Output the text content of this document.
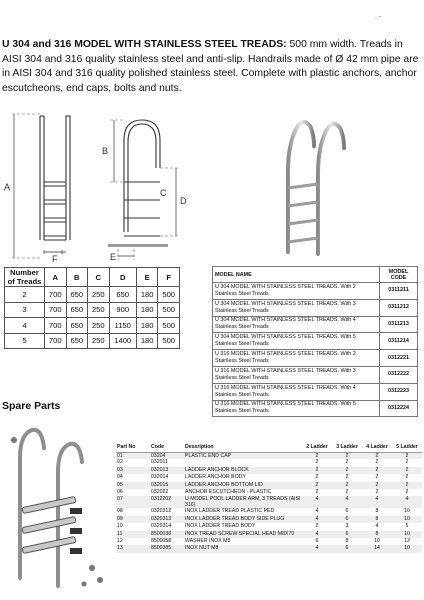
. -

U 304 and 316 MODEL WITH STAINLESS STEEL TREADS: 500 mm width. Treads in AISI 304 and 316 quality stainless steel and anti-slip. Handrails made of Ø 42 mm pipe are in AISI 304 and 316 quality polished stainless steel. Complete with plastic anchors, anchor escutcheons, end caps, bolts and nuts.

A
B
C
D
E
F
Number of Treads	A	B	C	D	E	F
2	700	650	250	650	180	500
3	700	650	250	900	180	500
4	700	650	250	1150	180	500
5	700	650	250	1400	180	500
MODEL NAME	MODEL CODE
U 304 MODEL WITH STAINLESS STEEL TREADS. With 2 Stainless Steel Treads	0311211
U 304 MODEL WITH STAINLESS STEEL TREADS. With 3 Stainless Steel Treads	0311212
U 304 MODEL WITH STAINLESS STEEL TREADS. With 4 Stainless Steel Treads	0311213
U 304 MODEL WITH STAINLESS STEEL TREADS. With 5 Stainless Steel Treads	0311214
U 316 MODEL WITH STAINLESS STEEL TREADS. With 2 Stainless Steel Treads	0312221
U 316 MODEL WITH STAINLESS STEEL TREADS. With 3 Stainless Steel Treads	0312222
U 316 MODEL WITH STAINLESS STEEL TREADS. With 4 Stainless Steel Treads	0312223
U 316 MODEL WITH STAINLESS STEEL TREADS. With 5 Stainless Steel Treads	0312224
Spare Parts
Part No	Code	Description	2 Ladder	3 Ladder	4 Ladder	5 Ladder
01	03204	PLASTIC END CAP	2	2	2	2
02	032011		2	2	2	2
03	032013	LADDER ANCHOR BLOCK	2	2	2	2
04	032014	LADDER ANCHOR BODY	2	2	2	2
05	032015	LADDER ANCHOR BOTTOM LID	2	2	2	2
06	032022	ANCHOR ESCUTCHEON - PLASTIC	2	2	2	2
07	0312202	U MODEL POOL LADDER ARM, 3 TREADS (AISI 316)	4	4	4	4
08	0320312	INOX LADDER TREAD PLASTIC PED	4	6	8	10
09	0320313	INOX LADDER TREAD BODY SIDE PLUG	4	6	8	10
10	0320314	INOX LADDER TREAD BODY	2	3	4	5
11	8500038	INOX TREAD SCREW SPECIAL HEAD M8X70	4	6	8	10
12	8500058	WASHER INOX M8	6	8	10	12
13	8500385	INOX NUT M8	4	6	14	10
